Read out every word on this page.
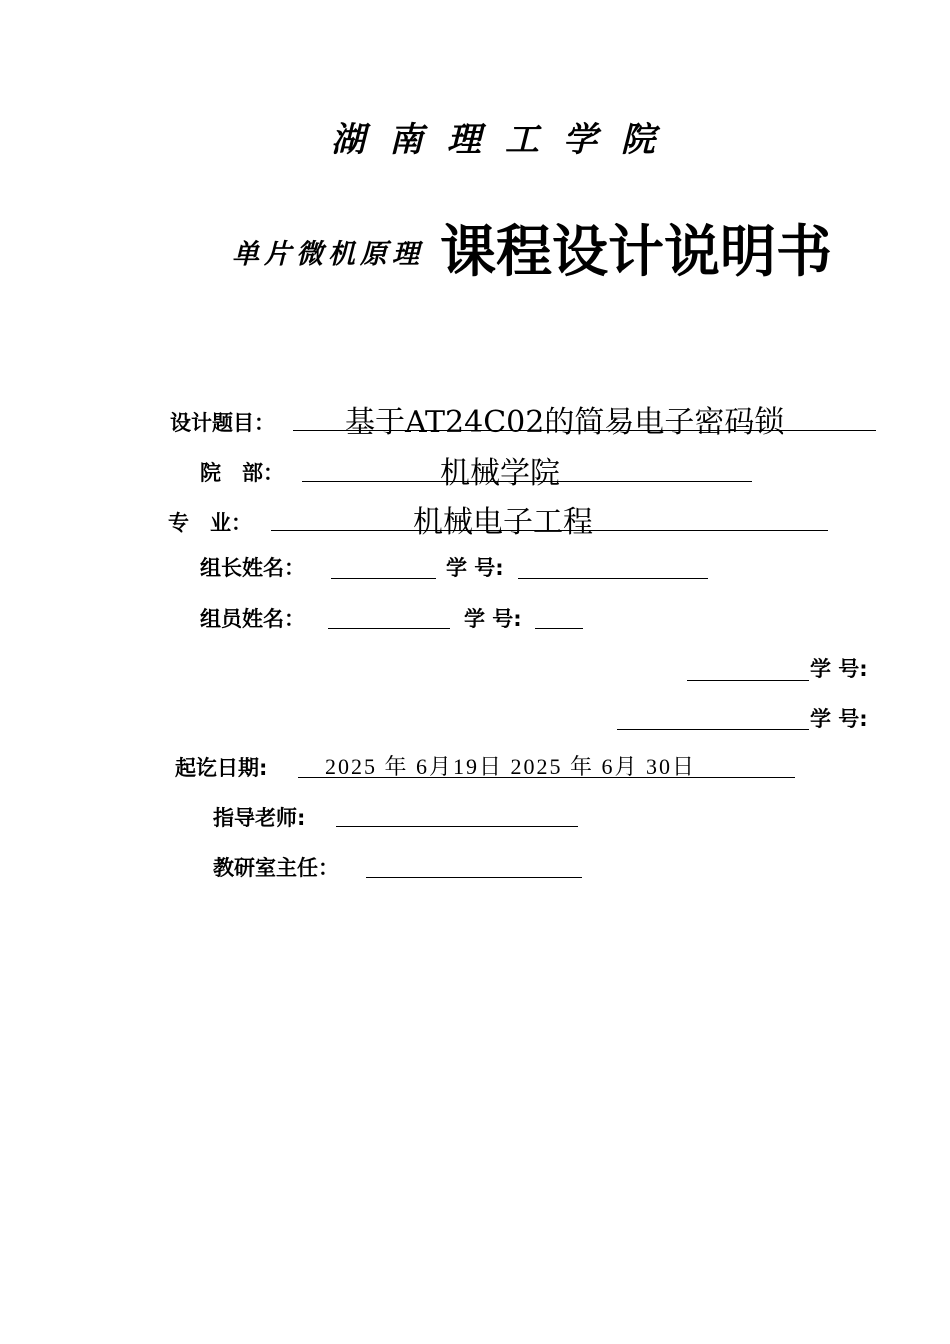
湖南理工学院
单片微机原理 课程设计说明书
设计题目： 基于AT24C02的简易电子密码锁
院　部：	机械学院
专　业：	机械电子工程
组长姓名：	学 号:
组员姓名：	学 号:
学 号:
学 号:
起讫日期:	2025 年 6月19日 2025 年 6月 30日
指导老师:
教研室主任：
